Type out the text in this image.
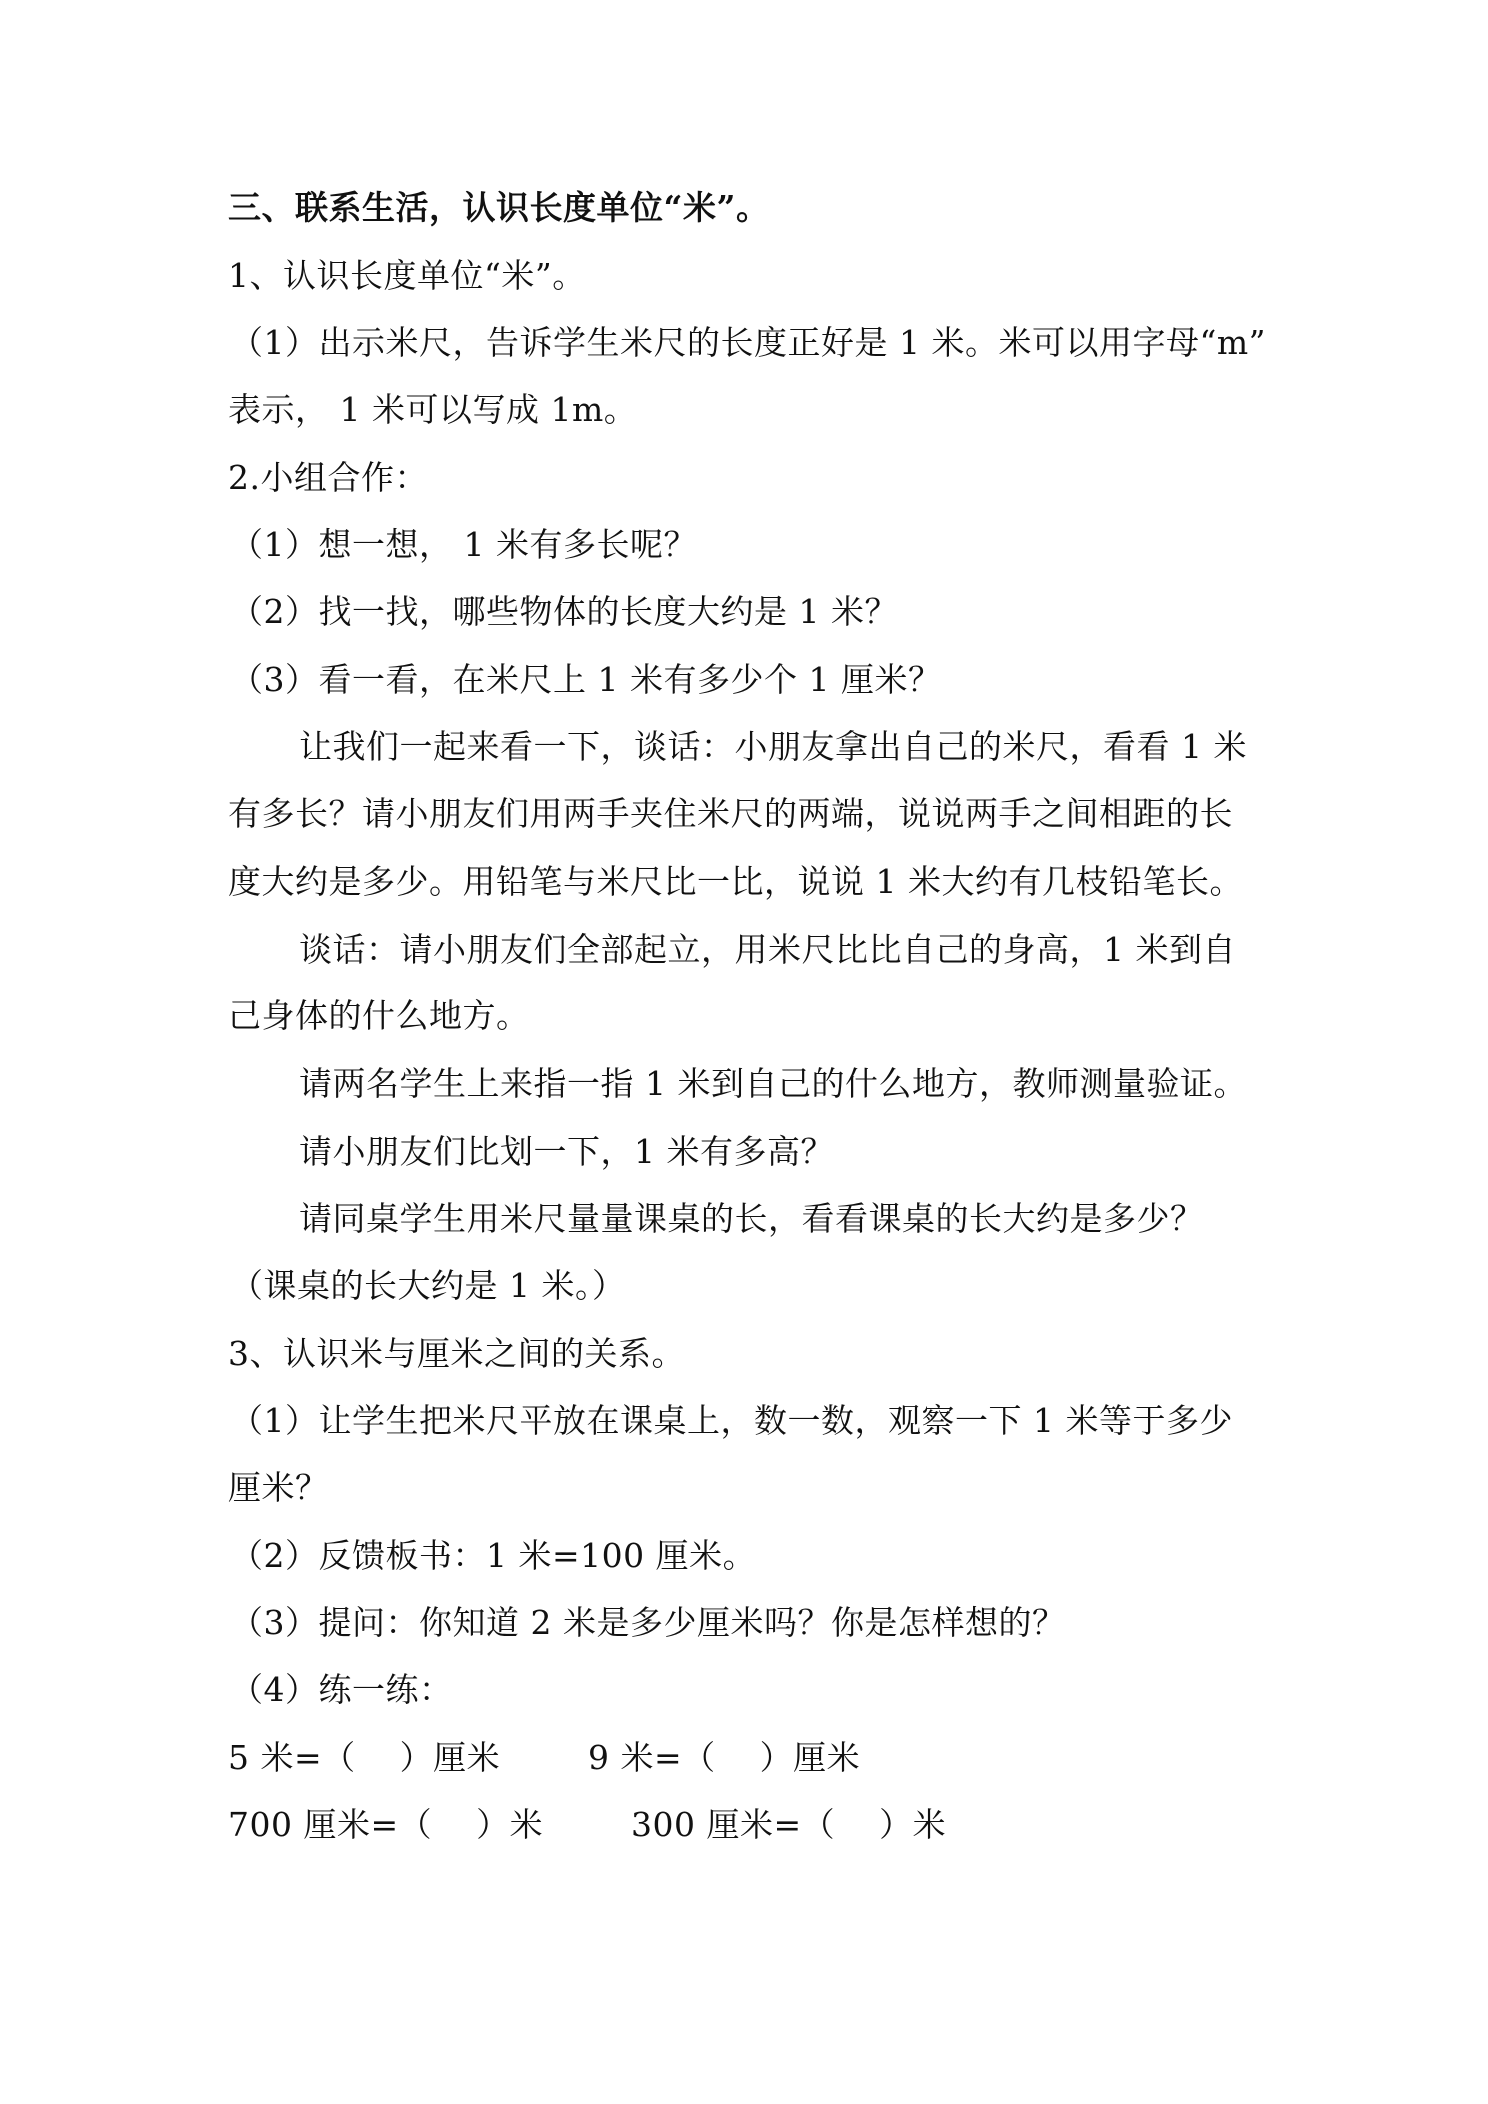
三、联系生活，认识长度单位“米”。
1、认识长度单位“米”。
（1）出示米尺，告诉学生米尺的长度正好是 1 米。米可以用字母“m”
表示， 1 米可以写成 1m。
2.小组合作：
（1）想一想， 1 米有多长呢？
（2）找一找，哪些物体的长度大约是 1 米？
（3）看一看，在米尺上 1 米有多少个 1 厘米？
让我们一起来看一下，谈话：小朋友拿出自己的米尺，看看 1 米
有多长？请小朋友们用两手夹住米尺的两端，说说两手之间相距的长
度大约是多少。用铅笔与米尺比一比，说说 1 米大约有几枝铅笔长。
谈话：请小朋友们全部起立，用米尺比比自己的身高，1 米到自
己身体的什么地方。
请两名学生上来指一指 1 米到自己的什么地方，教师测量验证。
请小朋友们比划一下，1 米有多高？
请同桌学生用米尺量量课桌的长，看看课桌的长大约是多少？
（课桌的长大约是 1 米。）
3、认识米与厘米之间的关系。
（1）让学生把米尺平放在课桌上，数一数，观察一下 1 米等于多少
厘米？
（2）反馈板书：1 米=100 厘米。
（3）提问：你知道 2 米是多少厘米吗？你是怎样想的？
（4）练一练：
5 米=（    ）厘米        9 米=（    ）厘米
700 厘米=（    ）米        300 厘米=（    ）米
